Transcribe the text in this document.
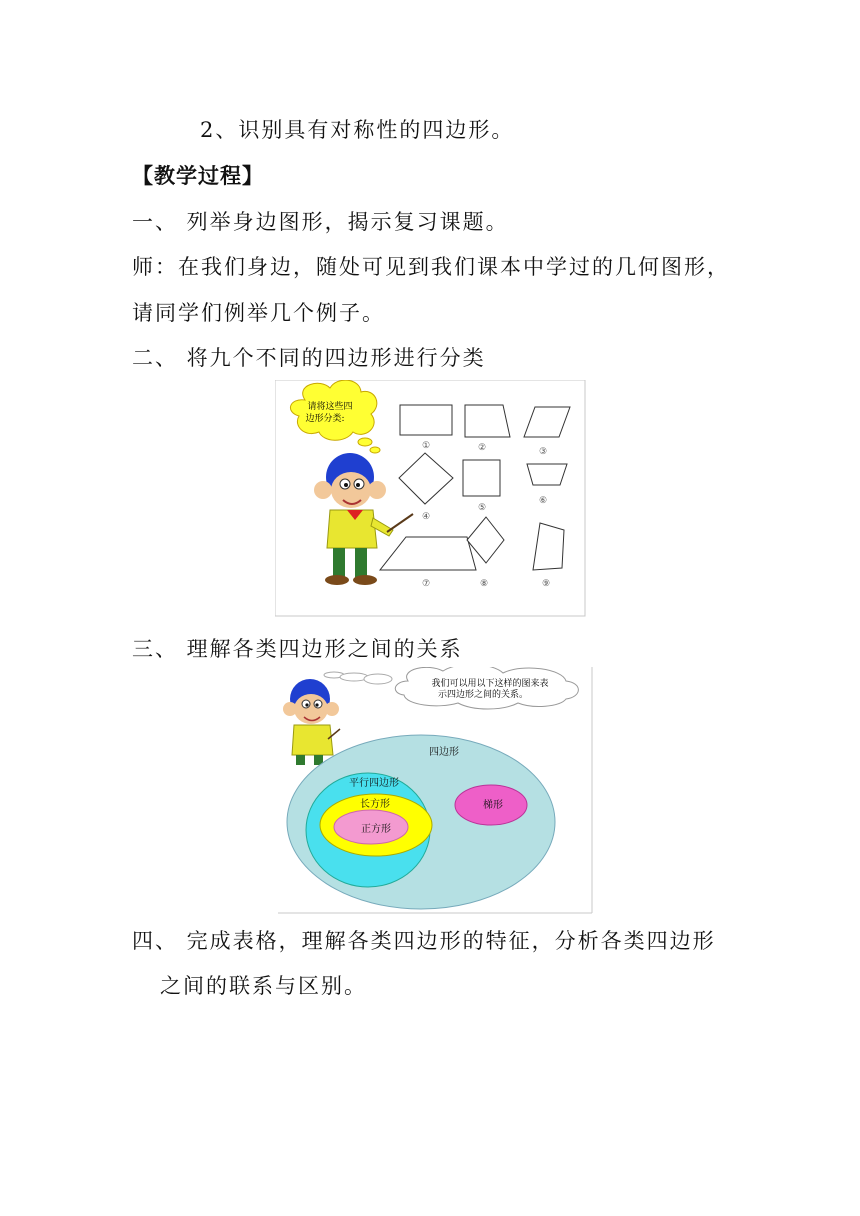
2、识别具有对称性的四边形。
【教学过程】
一、 列举身边图形，揭示复习课题。
师：在我们身边，随处可见到我们课本中学过的几何图形，
请同学们例举几个例子。
二、 将九个不同的四边形进行分类
请将这些四
边形分类:
①	②	③
④
⑤
⑥
⑦	⑧	⑨
三、 理解各类四边形之间的关系
我们可以用以下这样的图来表
示四边形之间的关系。
四边形
平行四边形
长方形
正方形
梯形
四、 完成表格，理解各类四边形的特征，分析各类四边形
之间的联系与区别。
